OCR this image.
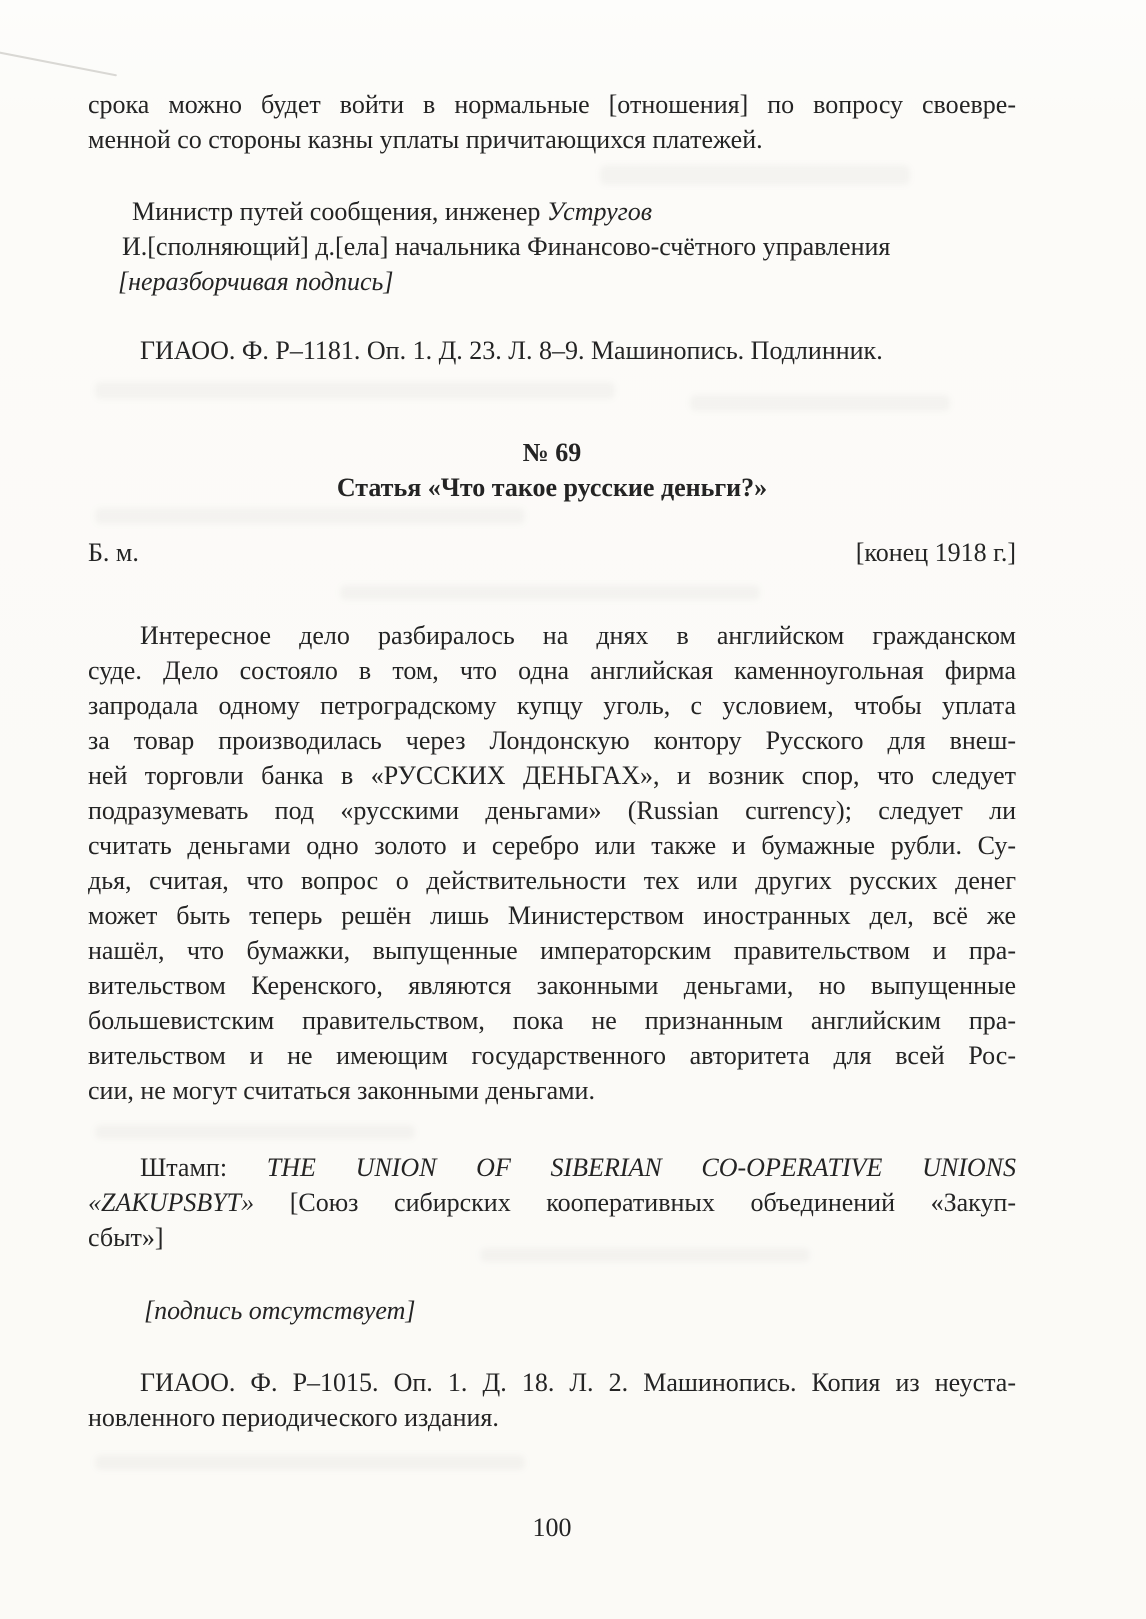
срока можно будет войти в нормальные [отношения] по вопросу своевре-
менной со стороны казны уплаты причитающихся платежей.
Министр путей сообщения, инженер Устругов
И.[сполняющий] д.[ела] начальника Финансово-счётного управления
[неразборчивая подпись]
ГИАОО. Ф. Р–1181. Оп. 1. Д. 23. Л. 8–9. Машинопись. Подлинник.
№ 69
Статья «Что такое русские деньги?»
Б. м.	[конец 1918 г.]
Интересное дело разбиралось на днях в английском гражданском
суде. Дело состояло в том, что одна английская каменноугольная фирма
запродала одному петроградскому купцу уголь, с условием, чтобы уплата
за товар производилась через Лондонскую контору Русского для внеш-
ней торговли банка в «РУССКИХ ДЕНЬГАХ», и возник спор, что следует
подразумевать под «русскими деньгами» (Russian currency); следует ли
считать деньгами одно золото и серебро или также и бумажные рубли. Су-
дья, считая, что вопрос о действительности тех или других русских денег
может быть теперь решён лишь Министерством иностранных дел, всё же
нашёл, что бумажки, выпущенные императорским правительством и пра-
вительством Керенского, являются законными деньгами, но выпущенные
большевистским правительством, пока не признанным английским пра-
вительством и не имеющим государственного авторитета для всей Рос-
сии, не могут считаться законными деньгами.
Штамп: THE UNION OF SIBERIAN CO-OPERATIVE UNIONS
«ZAKUPSBYT» [Союз сибирских кооперативных объединений «Закуп-
сбыт»]
[подпись отсутствует]
ГИАОО. Ф. Р–1015. Оп. 1. Д. 18. Л. 2. Машинопись. Копия из неуста-
новленного периодического издания.
100
